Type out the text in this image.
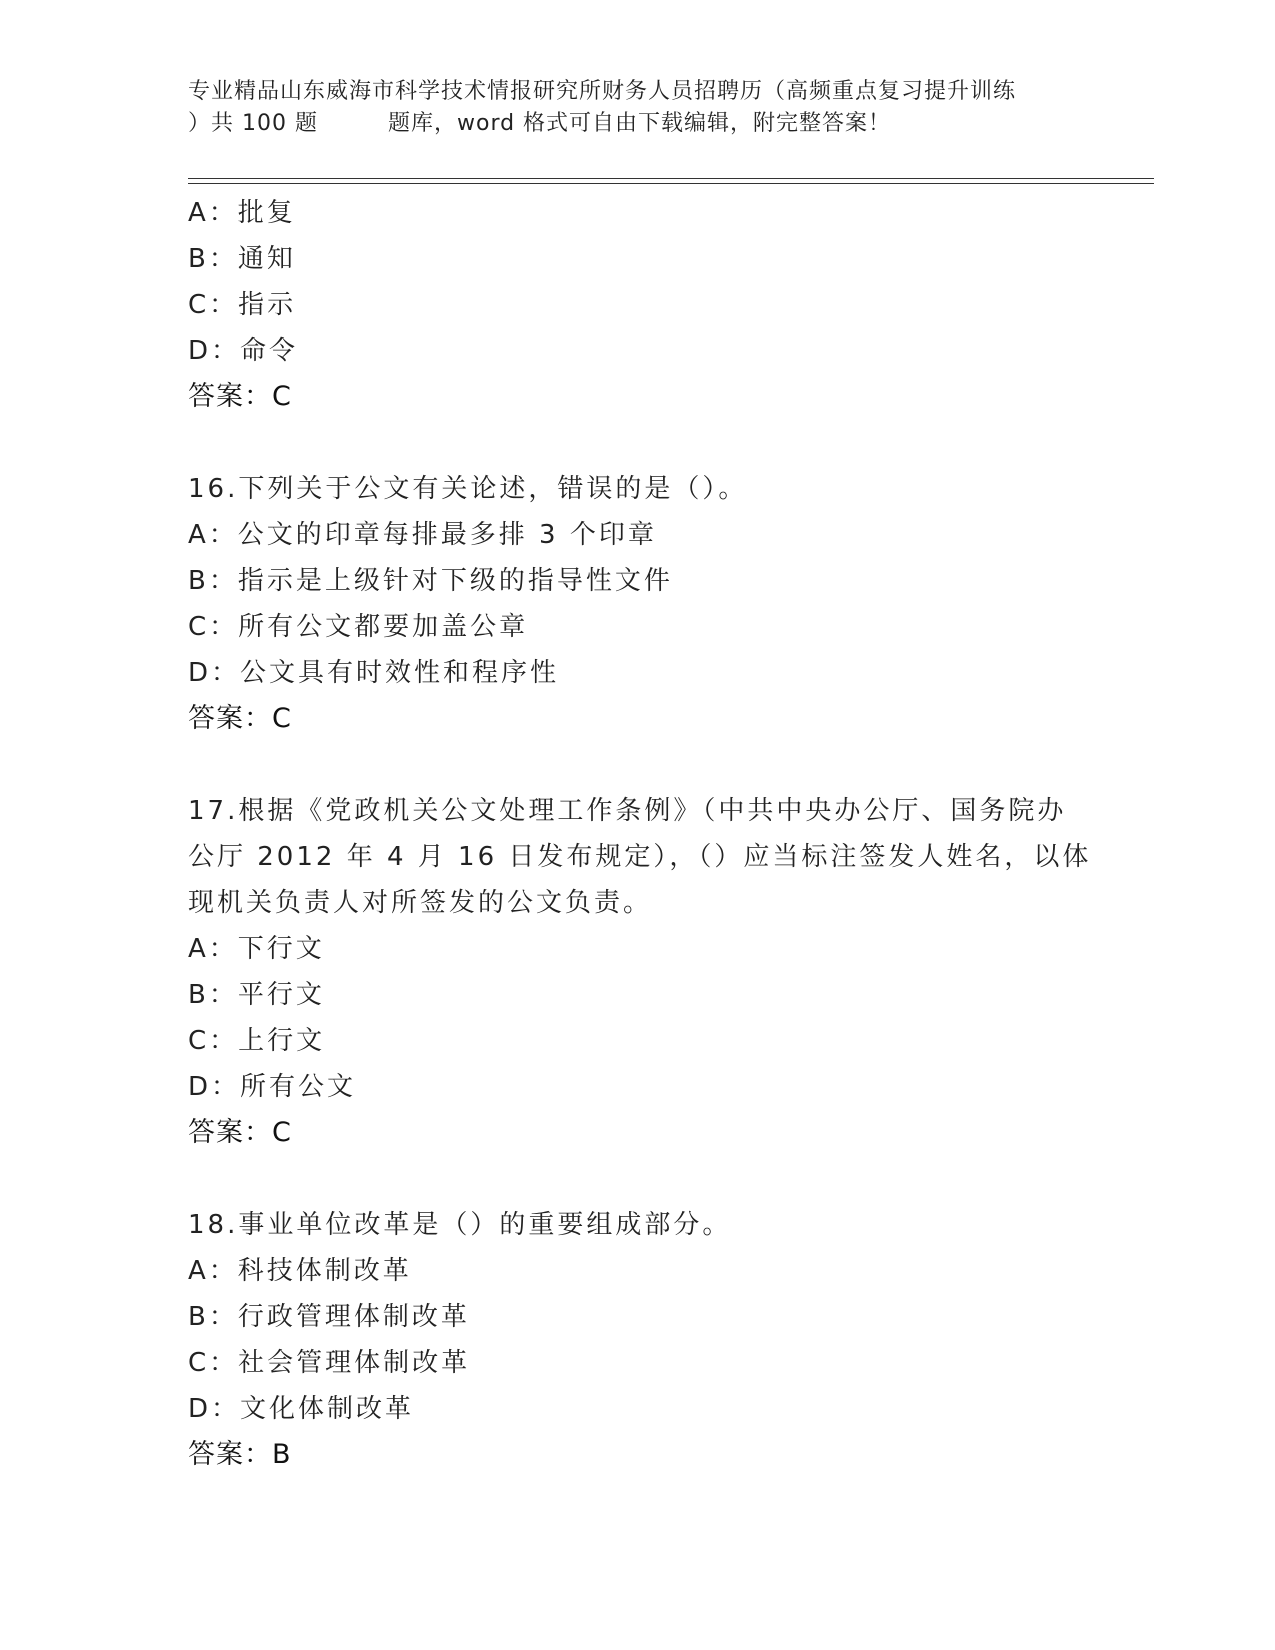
专业精品山东威海市科学技术情报研究所财务人员招聘历（高频重点复习提升训练
）共 100 题	题库，word 格式可自由下载编辑，附完整答案！
A：批复
B：通知
C：指示
D：命令
答案：C
16.下列关于公文有关论述，错误的是（）。
A：公文的印章每排最多排 3 个印章
B：指示是上级针对下级的指导性文件
C：所有公文都要加盖公章
D：公文具有时效性和程序性
答案：C
17.根据《党政机关公文处理工作条例》（中共中央办公厅、国务院办
公厅 2012 年 4 月 16 日发布规定），（）应当标注签发人姓名，以体
现机关负责人对所签发的公文负责。
A：下行文
B：平行文
C：上行文
D：所有公文
答案：C
18.事业单位改革是（）的重要组成部分。
A：科技体制改革
B：行政管理体制改革
C：社会管理体制改革
D：文化体制改革
答案：B
